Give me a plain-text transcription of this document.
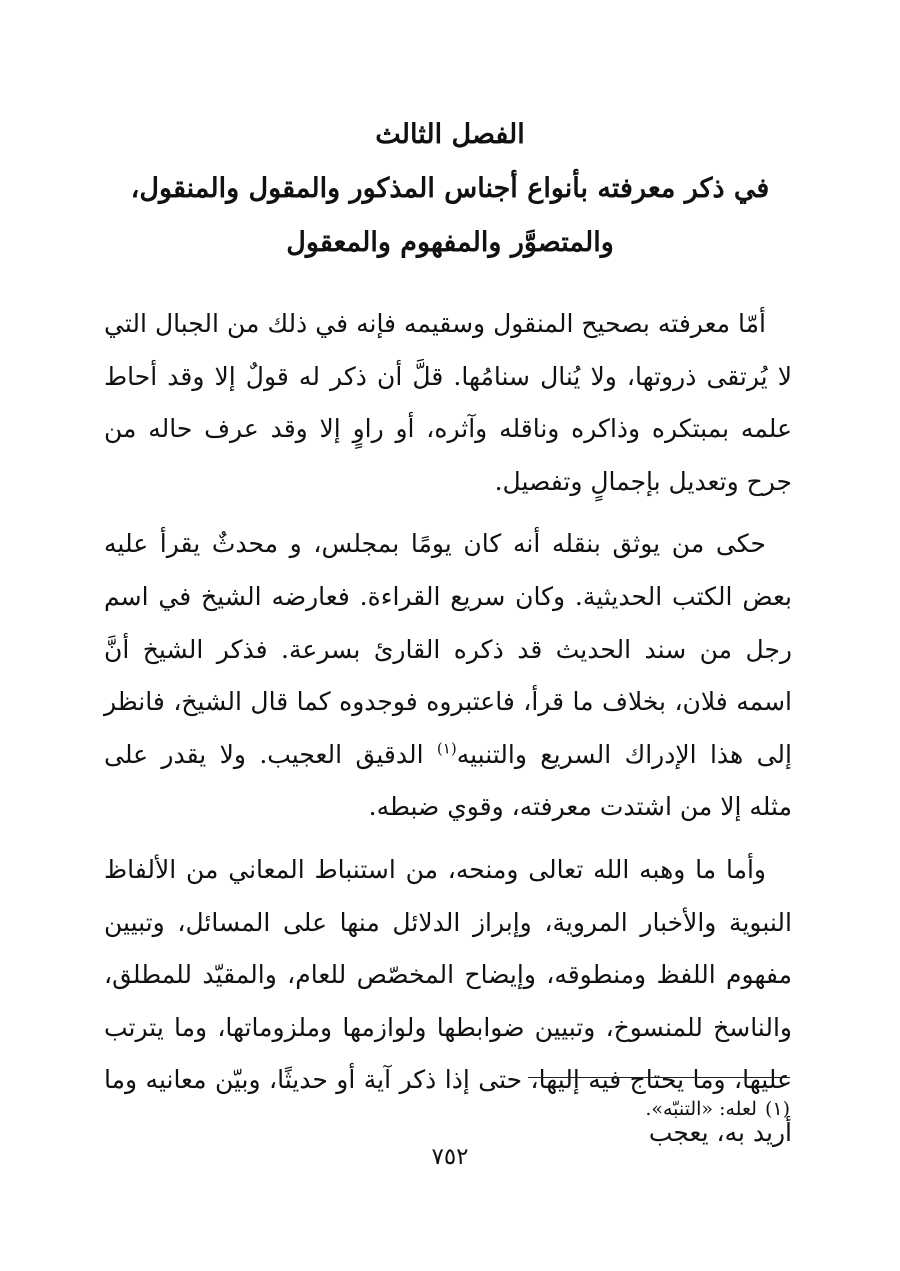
الفصل الثالث
في ذكر معرفته بأنواع أجناس المذكور والمقول والمنقول،
والمتصوَّر والمفهوم والمعقول

أمّا معرفته بصحيح المنقول وسقيمه فإنه في ذلك من الجبال التي لا يُرتقى ذروتها، ولا يُنال سنامُها. قلَّ أن ذكر له قولٌ إلا وقد أحاط علمه بمبتكره وذاكره وناقله وآثره، أو راوٍ إلا وقد عرف حاله من جرح وتعديل بإجمالٍ وتفصيل.

حكى من يوثق بنقله أنه كان يومًا بمجلس، و محدثٌ يقرأ عليه بعض الكتب الحديثية. وكان سريع القراءة. فعارضه الشيخ في اسم رجل من سند الحديث قد ذكره القارئ بسرعة. فذكر الشيخ أنَّ اسمه فلان، بخلاف ما قرأ، فاعتبروه فوجدوه كما قال الشيخ، فانظر إلى هذا الإدراك السريع والتنبيه$^{(١)}$ الدقيق العجيب. ولا يقدر على مثله إلا من اشتدت معرفته، وقوي ضبطه.

وأما ما وهبه الله تعالى ومنحه، من استنباط المعاني من الألفاظ النبوية والأخبار المروية، وإبراز الدلائل منها على المسائل، وتبيين مفهوم اللفظ ومنطوقه، وإيضاح المخصّص للعام، والمقيّد للمطلق، والناسخ للمنسوخ، وتبيين ضوابطها ولوازمها وملزوماتها، وما يترتب عليها، وما يحتاج فيه إليها، حتى إذا ذكر آية أو حديثًا، وبيّن معانيه وما أريد به، يعجب

(١)لعله: «التنبّه».
٧٥٢
